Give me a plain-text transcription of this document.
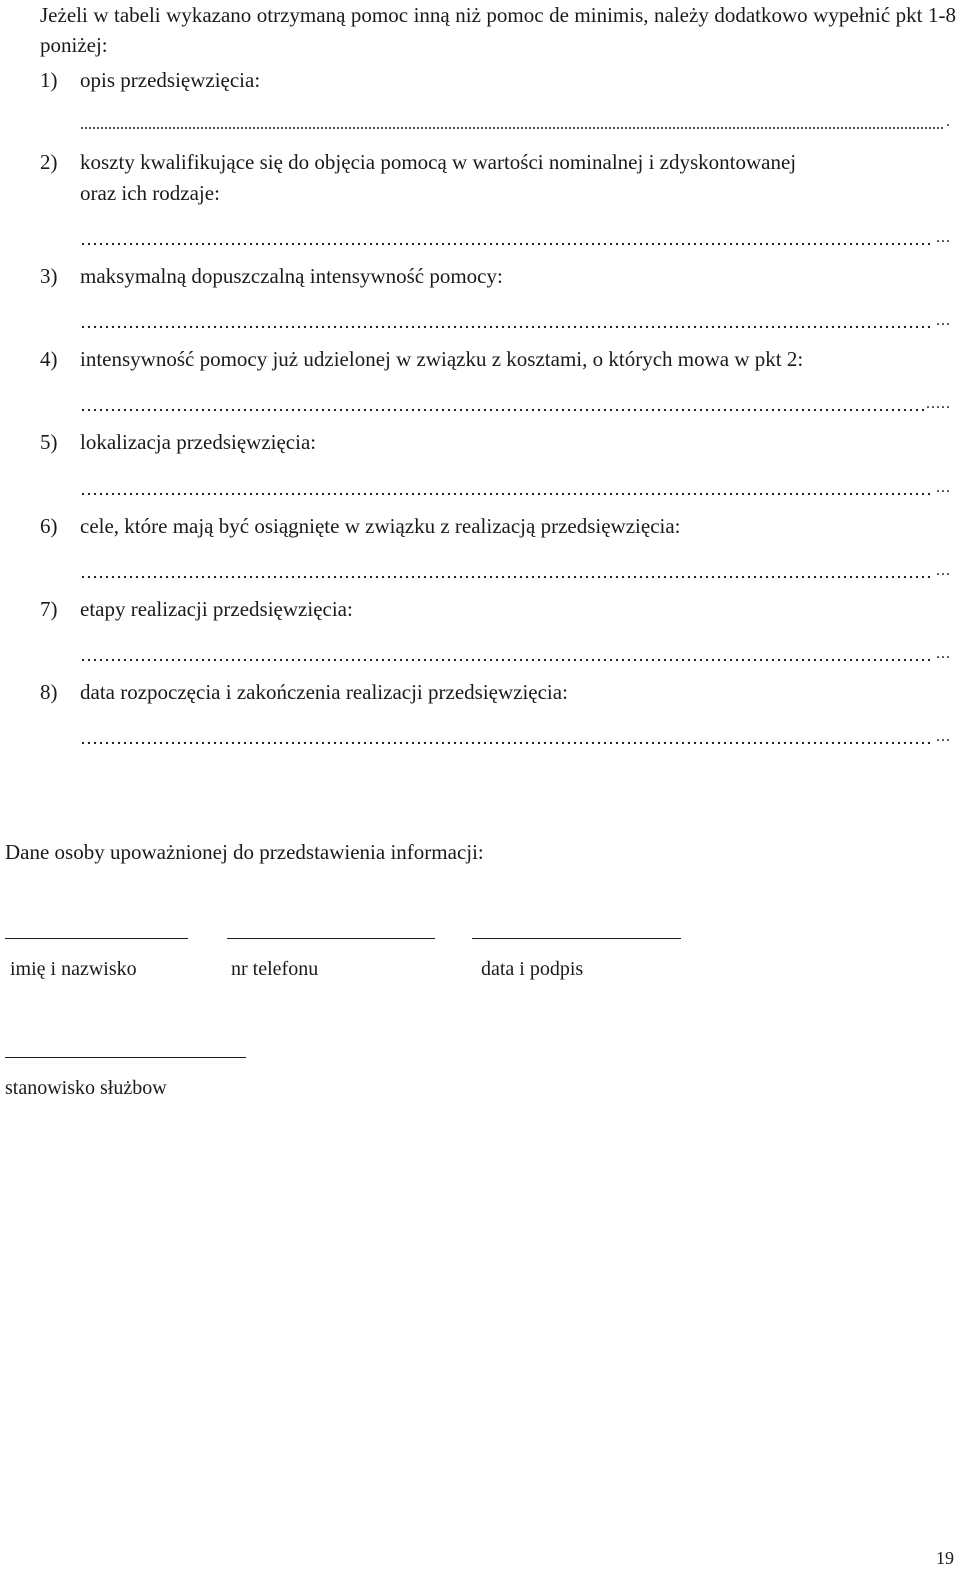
Jeżeli w tabeli wykazano otrzymaną pomoc inną niż pomoc de minimis, należy dodatkowo wypełnić pkt 1-8 poniżej:
1) opis przedsięwzięcia:
.
2) koszty kwalifikujące się do objęcia pomocą w wartości nominalnej i zdyskontowanej
oraz ich rodzaje:
...
3) maksymalną dopuszczalną intensywność pomocy:
...
4) intensywność pomocy już udzielonej w związku z kosztami, o których mowa w pkt 2:
.....
5) lokalizacja przedsięwzięcia:
...
6) cele, które mają być osiągnięte w związku z realizacją przedsięwzięcia:
...
7) etapy realizacji przedsięwzięcia:
...
8) data rozpoczęcia i zakończenia realizacji przedsięwzięcia:
...
Dane osoby upoważnionej do przedstawienia informacji:
imię i nazwisko	nr telefonu	data i podpis
stanowisko służbow
19
